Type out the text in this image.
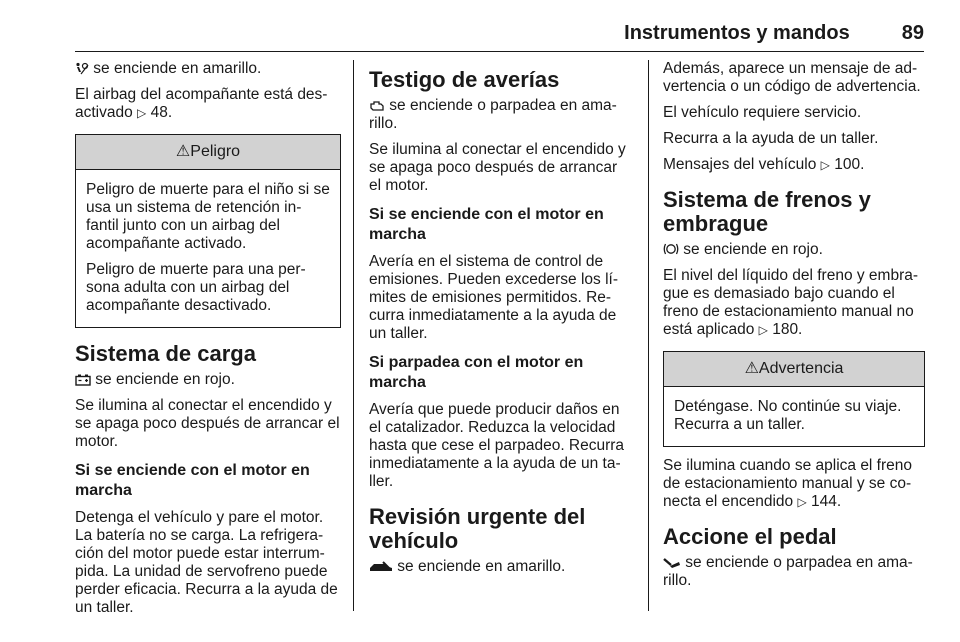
Instrumentos y mandos	89

se enciende en amarillo.

El airbag del acompañante está des-activado ▷ 48.

⚠Peligro

Peligro de muerte para el niño si se usa un sistema de retención in-fantil junto con un airbag del acompañante activado.

Peligro de muerte para una per-sona adulta con un airbag del acompañante desactivado.

Sistema de carga

se enciende en rojo.

Se ilumina al conectar el encendido y se apaga poco después de arrancar el motor.

Si se enciende con el motor en marcha

Detenga el vehículo y pare el motor. La batería no se carga. La refrigera-ción del motor puede estar interrum-pida. La unidad de servofreno puede perder eficacia. Recurra a la ayuda de un taller.

Testigo de averías

se enciende o parpadea en ama-rillo.

Se ilumina al conectar el encendido y se apaga poco después de arrancar el motor.

Si se enciende con el motor en marcha

Avería en el sistema de control de emisiones. Pueden excederse los lí-mites de emisiones permitidos. Re-curra inmediatamente a la ayuda de un taller.

Si parpadea con el motor en marcha

Avería que puede producir daños en el catalizador. Reduzca la velocidad hasta que cese el parpadeo. Recurra inmediatamente a la ayuda de un ta-ller.

Revisión urgente del vehículo

se enciende en amarillo.

Además, aparece un mensaje de ad-vertencia o un código de advertencia.

El vehículo requiere servicio.

Recurra a la ayuda de un taller.

Mensajes del vehículo ▷ 100.

Sistema de frenos y embrague

se enciende en rojo.

El nivel del líquido del freno y embra-gue es demasiado bajo cuando el freno de estacionamiento manual no está aplicado ▷ 180.

⚠Advertencia

Deténgase. No continúe su viaje. Recurra a un taller.

Se ilumina cuando se aplica el freno de estacionamiento manual y se co-necta el encendido ▷ 144.

Accione el pedal

se enciende o parpadea en ama-rillo.
